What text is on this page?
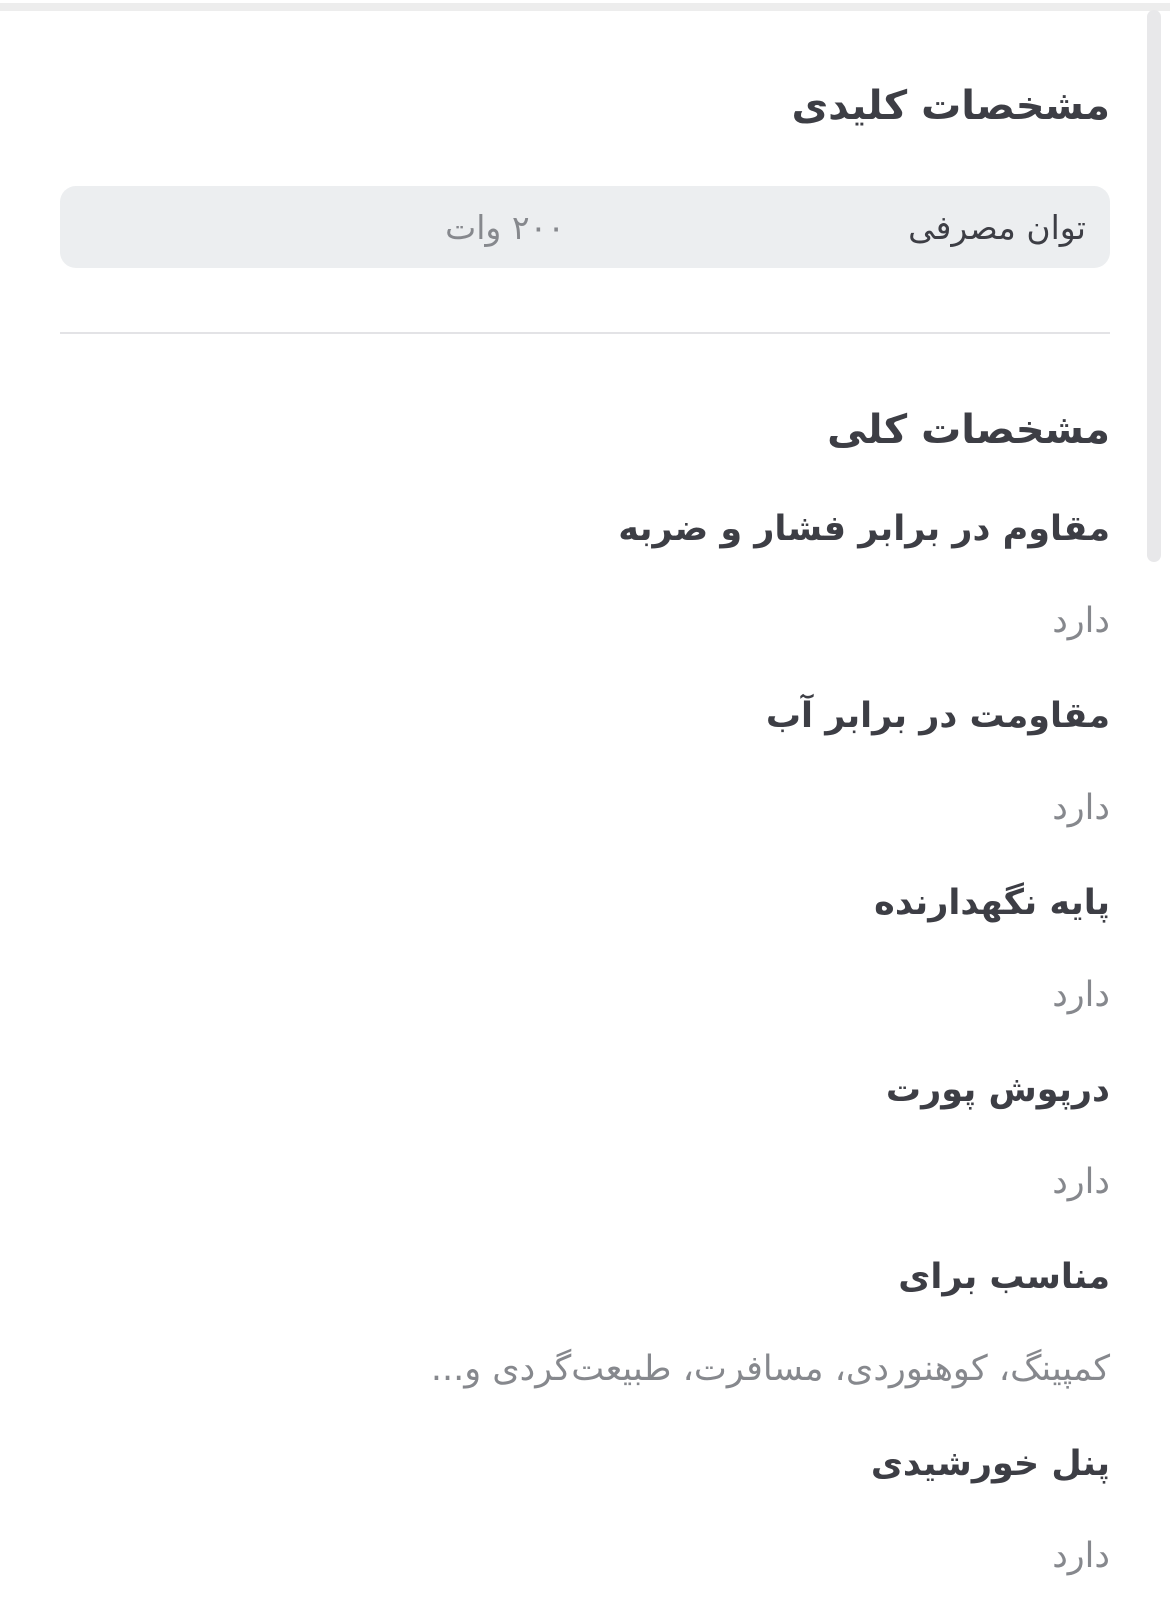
مشخصات کلیدی
توان مصرفی
۲۰۰ وات
مشخصات کلی
مقاوم در برابر فشار و ضربه
دارد
مقاومت در برابر آب
دارد
پایه نگهدارنده
دارد
درپوش پورت
دارد
مناسب برای
کمپینگ، کوهنوردی، مسافرت، طبیعت‌گردی و...
پنل خورشیدی
دارد
